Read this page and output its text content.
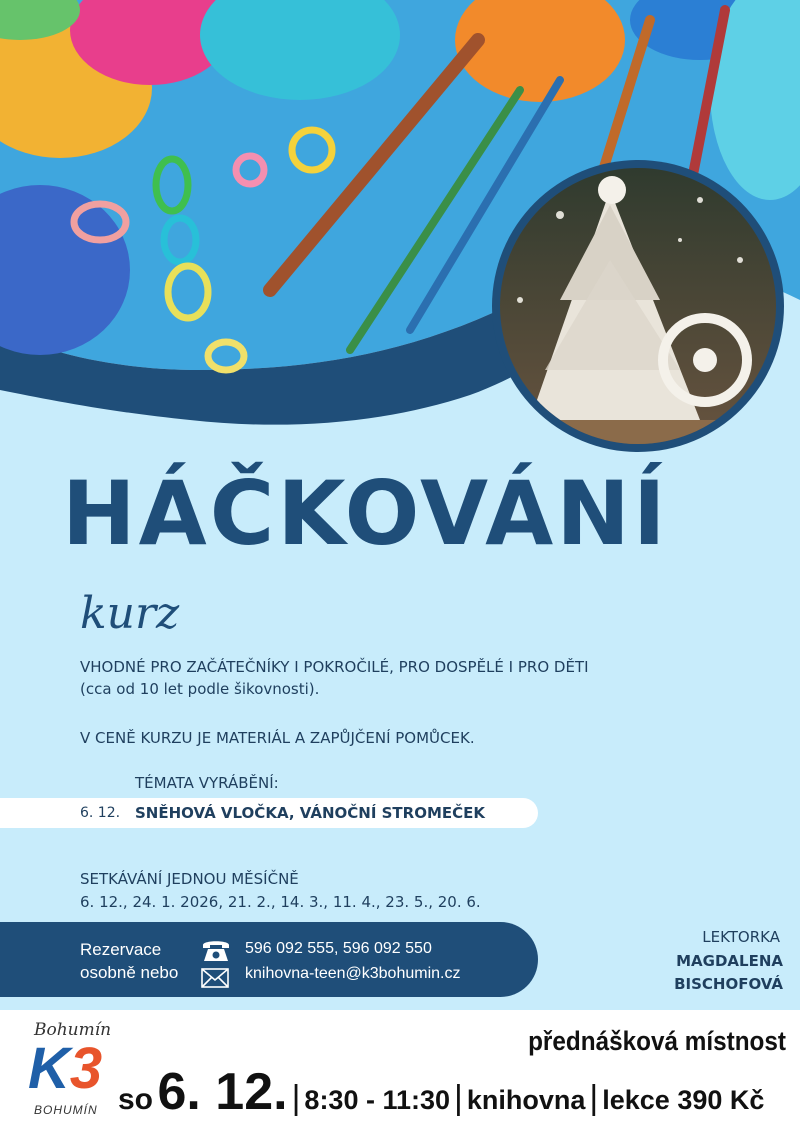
HÁČKOVÁNÍ
kurz
VHODNÉ PRO ZAČÁTEČNÍKY I POKROČILÉ, PRO DOSPĚLÉ I PRO DĚTI
(cca od 10 let podle šikovnosti).
V CENĚ KURZU JE MATERIÁL A ZAPŮJČENÍ POMŮCEK.
TÉMATA VYRÁBĚNÍ:
6. 12. SNĚHOVÁ VLOČKA, VÁNOČNÍ STROMEČEK
SETKÁVÁNÍ JEDNOU MĚSÍČNĚ
6. 12., 24. 1. 2026, 21. 2., 14. 3., 11. 4., 23. 5., 20. 6.
Rezervace
osobně nebo
596 092 555, 596 092 550
knihovna-teen@k3bohumin.cz
LEKTORKA
MAGDALENA
BISCHOFOVÁ
Bohumín
K3
BOHUMÍN
přednášková místnost
so 6. 12. | 8:30 - 11:30 | knihovna | lekce 390 Kč
